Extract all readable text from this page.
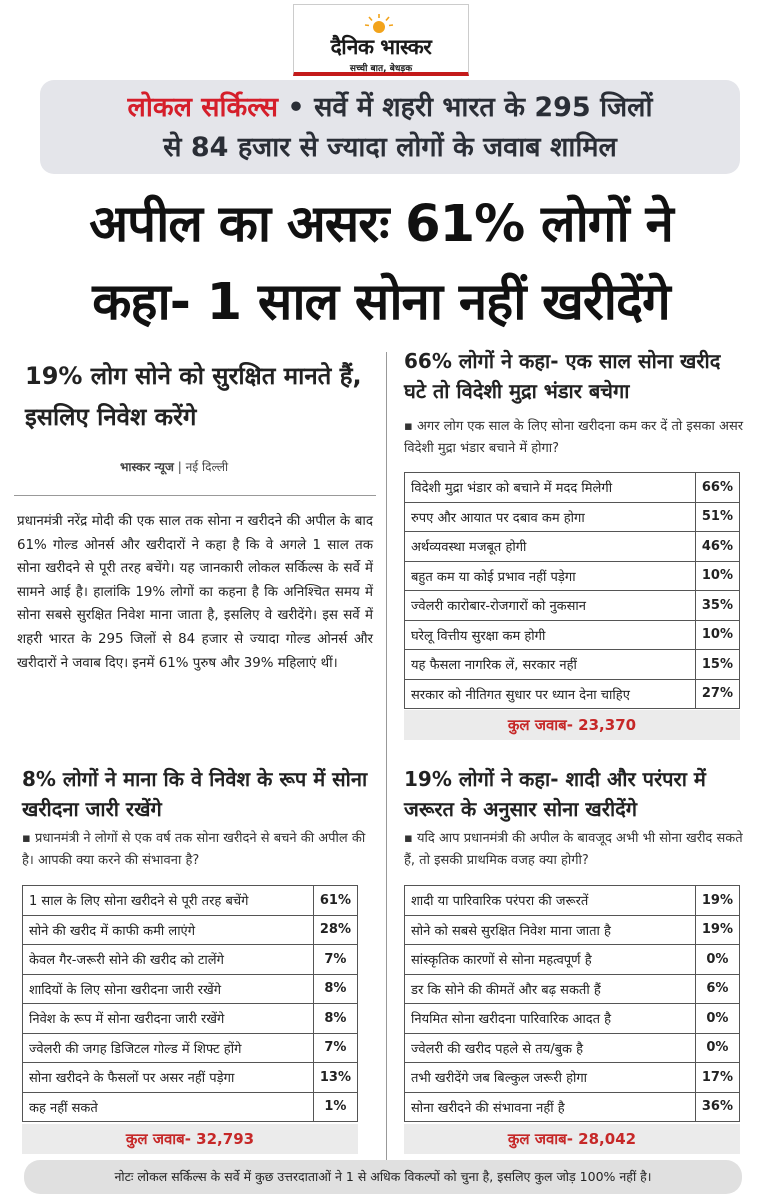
दैनिक भास्कर
सच्ची बात, बेधड़क
लोकल सर्किल्स • सर्वे में शहरी भारत के 295 जिलों
से 84 हजार से ज्यादा लोगों के जवाब शामिल
अपील का असरः 61% लोगों ने
कहा- 1 साल सोना नहीं खरीदेंगे
19% लोग सोने को सुरक्षित मानते हैं, इसलिए निवेश करेंगे
भास्कर न्यूज | नई दिल्ली
प्रधानमंत्री नरेंद्र मोदी की एक साल तक सोना न खरीदने की अपील के बाद 61% गोल्ड ओनर्स और खरीदारों ने कहा है कि वे अगले 1 साल तक सोना खरीदने से पूरी तरह बचेंगे। यह जानकारी लोकल सर्किल्स के सर्वे में सामने आई है। हालांकि 19% लोगों का कहना है कि अनिश्चित समय में सोना सबसे सुरक्षित निवेश माना जाता है, इसलिए वे खरीदेंगे। इस सर्वे में शहरी भारत के 295 जिलों से 84 हजार से ज्यादा गोल्ड ओनर्स और खरीदारों ने जवाब दिए। इनमें 61% पुरुष और 39% महिलाएं थीं।
66% लोगों ने कहा- एक साल सोना खरीद घटे तो विदेशी मुद्रा भंडार बचेगा
▪ अगर लोग एक साल के लिए सोना खरीदना कम कर दें तो इसका असर विदेशी मुद्रा भंडार बचाने में होगा?
विदेशी मुद्रा भंडार को बचाने में मदद मिलेगी	66%
रुपए और आयात पर दबाव कम होगा	51%
अर्थव्यवस्था मजबूत होगी	46%
बहुत कम या कोई प्रभाव नहीं पड़ेगा	10%
ज्वेलरी कारोबार-रोजगारों को नुकसान	35%
घरेलू वित्तीय सुरक्षा कम होगी	10%
यह फैसला नागरिक लें, सरकार नहीं	15%
सरकार को नीतिगत सुधार पर ध्यान देना चाहिए	27%
कुल जवाब- 23,370
8% लोगों ने माना कि वे निवेश के रूप में सोना खरीदना जारी रखेंगे
▪ प्रधानमंत्री ने लोगों से एक वर्ष तक सोना खरीदने से बचने की अपील की है। आपकी क्या करने की संभावना है?
1 साल के लिए सोना खरीदने से पूरी तरह बचेंगे	61%
सोने की खरीद में काफी कमी लाएंगे	28%
केवल गैर-जरूरी सोने की खरीद को टालेंगे	7%
शादियों के लिए सोना खरीदना जारी रखेंगे	8%
निवेश के रूप में सोना खरीदना जारी रखेंगे	8%
ज्वेलरी की जगह डिजिटल गोल्ड में शिफ्ट होंगे	7%
सोना खरीदने के फैसलों पर असर नहीं पड़ेगा	13%
कह नहीं सकते	1%
कुल जवाब- 32,793
19% लोगों ने कहा- शादी और परंपरा में जरूरत के अनुसार सोना खरीदेंगे
▪ यदि आप प्रधानमंत्री की अपील के बावजूद अभी भी सोना खरीद सकते हैं, तो इसकी प्राथमिक वजह क्या होगी?
शादी या पारिवारिक परंपरा की जरूरतें	19%
सोने को सबसे सुरक्षित निवेश माना जाता है	19%
सांस्कृतिक कारणों से सोना महत्वपूर्ण है	0%
डर कि सोने की कीमतें और बढ़ सकती हैं	6%
नियमित सोना खरीदना पारिवारिक आदत है	0%
ज्वेलरी की खरीद पहले से तय/बुक है	0%
तभी खरीदेंगे जब बिल्कुल जरूरी होगा	17%
सोना खरीदने की संभावना नहीं है	36%
कुल जवाब- 28,042
नोटः लोकल सर्किल्स के सर्वे में कुछ उत्तरदाताओं ने 1 से अधिक विकल्पों को चुना है, इसलिए कुल जोड़ 100% नहीं है।
